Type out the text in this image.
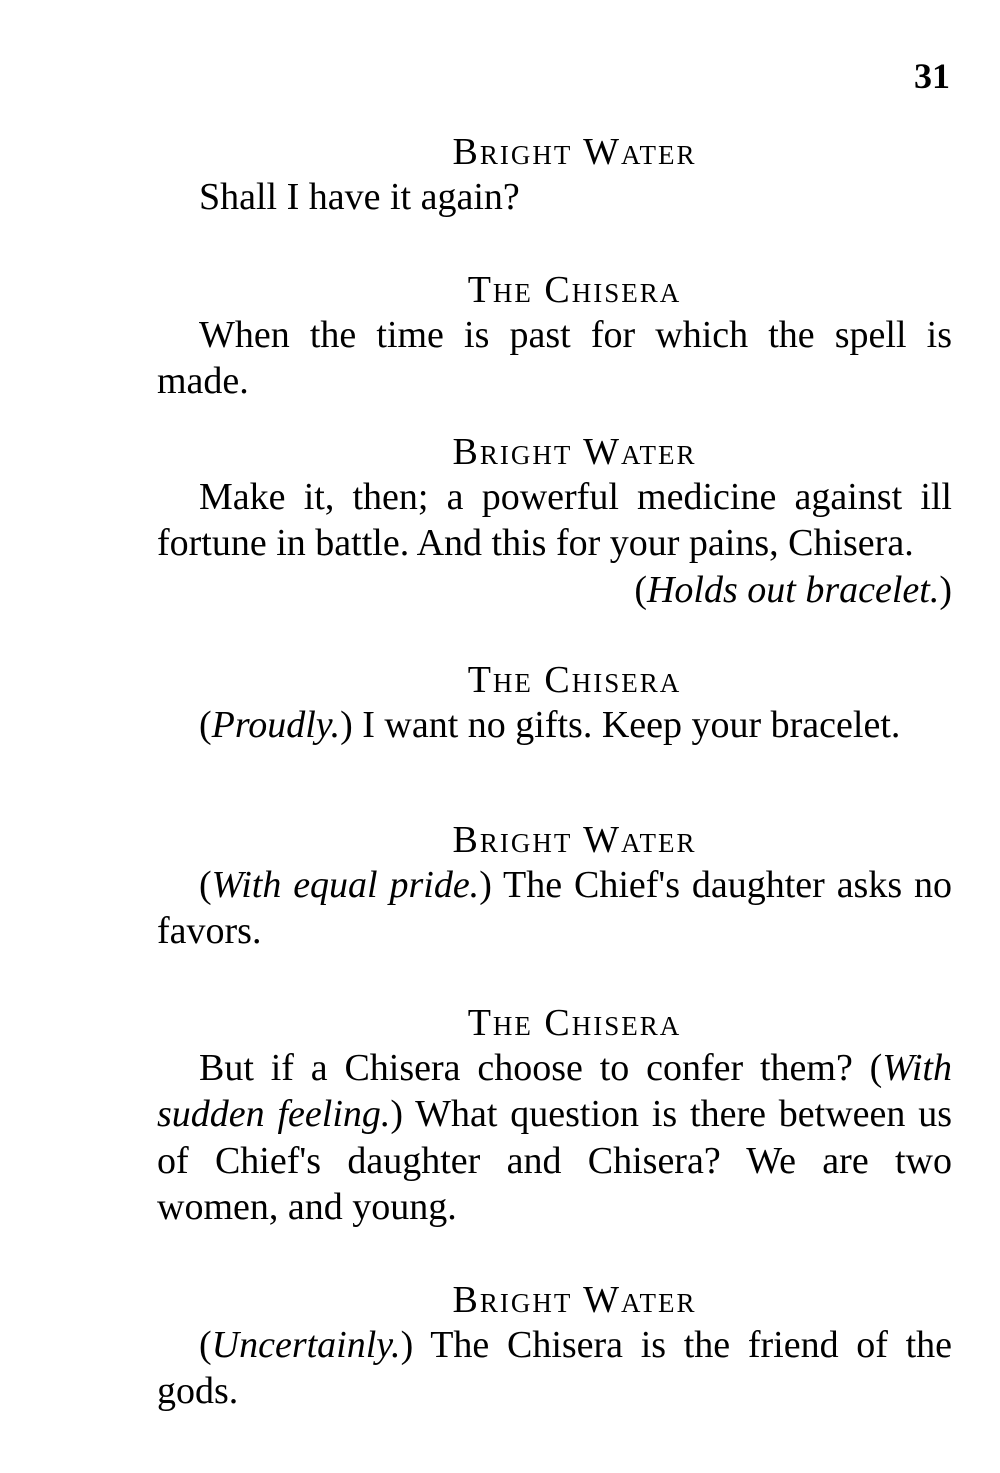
31
Bright Water
Shall I have it again?
The Chisera
When the time is past for which the spell is made.
Bright Water
Make it, then; a powerful medicine against ill fortune in battle. And this for your pains, Chisera.
(Holds out bracelet.)
The Chisera
(Proudly.) I want no gifts. Keep your bracelet.
Bright Water
(With equal pride.) The Chief's daughter asks no favors.
The Chisera
But if a Chisera choose to confer them? (With sudden feeling.) What question is there between us of Chief's daughter and Chisera? We are two women, and young.
Bright Water
(Uncertainly.) The Chisera is the friend of the gods.
